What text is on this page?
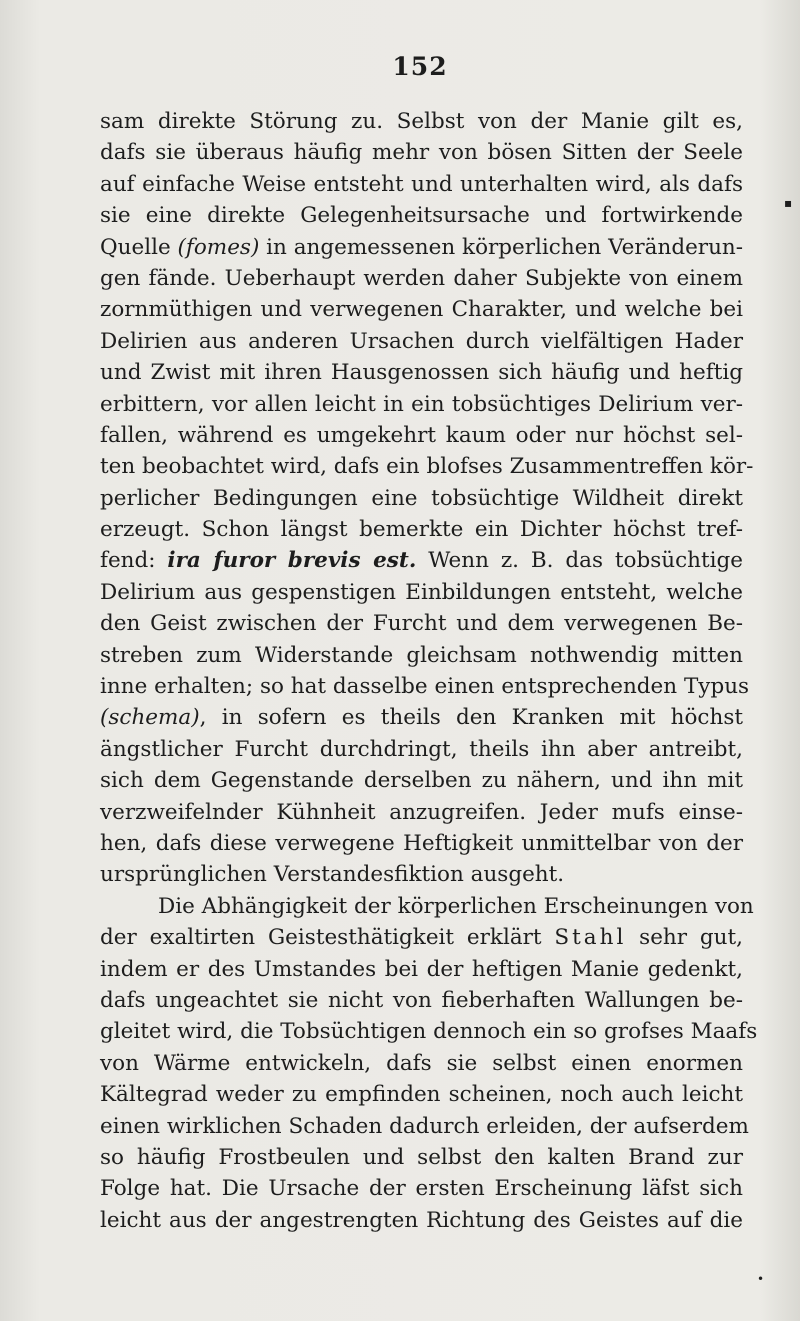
152
sam direkte Störung zu. Selbst von der Manie gilt es,
dafs sie überaus häufig mehr von bösen Sitten der Seele
auf einfache Weise entsteht und unterhalten wird, als dafs
sie eine direkte Gelegenheitsursache und fortwirkende
Quelle (fomes) in angemessenen körperlichen Veränderun-
gen fände. Ueberhaupt werden daher Subjekte von einem
zornmüthigen und verwegenen Charakter, und welche bei
Delirien aus anderen Ursachen durch vielfältigen Hader
und Zwist mit ihren Hausgenossen sich häufig und heftig
erbittern, vor allen leicht in ein tobsüchtiges Delirium ver-
fallen, während es umgekehrt kaum oder nur höchst sel-
ten beobachtet wird, dafs ein blofses Zusammentreffen kör-
perlicher Bedingungen eine tobsüchtige Wildheit direkt
erzeugt. Schon längst bemerkte ein Dichter höchst tref-
fend: ira furor brevis est. Wenn z. B. das tobsüchtige
Delirium aus gespenstigen Einbildungen entsteht, welche
den Geist zwischen der Furcht und dem verwegenen Be-
streben zum Widerstande gleichsam nothwendig mitten
inne erhalten; so hat dasselbe einen entsprechenden Typus
(schema), in sofern es theils den Kranken mit höchst
ängstlicher Furcht durchdringt, theils ihn aber antreibt,
sich dem Gegenstande derselben zu nähern, und ihn mit
verzweifelnder Kühnheit anzugreifen. Jeder mufs einse-
hen, dafs diese verwegene Heftigkeit unmittelbar von der
ursprünglichen Verstandesfiktion ausgeht.
Die Abhängigkeit der körperlichen Erscheinungen von
der exaltirten Geistesthätigkeit erklärt Stahl sehr gut,
indem er des Umstandes bei der heftigen Manie gedenkt,
dafs ungeachtet sie nicht von fieberhaften Wallungen be-
gleitet wird, die Tobsüchtigen dennoch ein so grofses Maafs
von Wärme entwickeln, dafs sie selbst einen enormen
Kältegrad weder zu empfinden scheinen, noch auch leicht
einen wirklichen Schaden dadurch erleiden, der aufserdem
so häufig Frostbeulen und selbst den kalten Brand zur
Folge hat. Die Ursache der ersten Erscheinung läfst sich
leicht aus der angestrengten Richtung des Geistes auf die
▪
•
